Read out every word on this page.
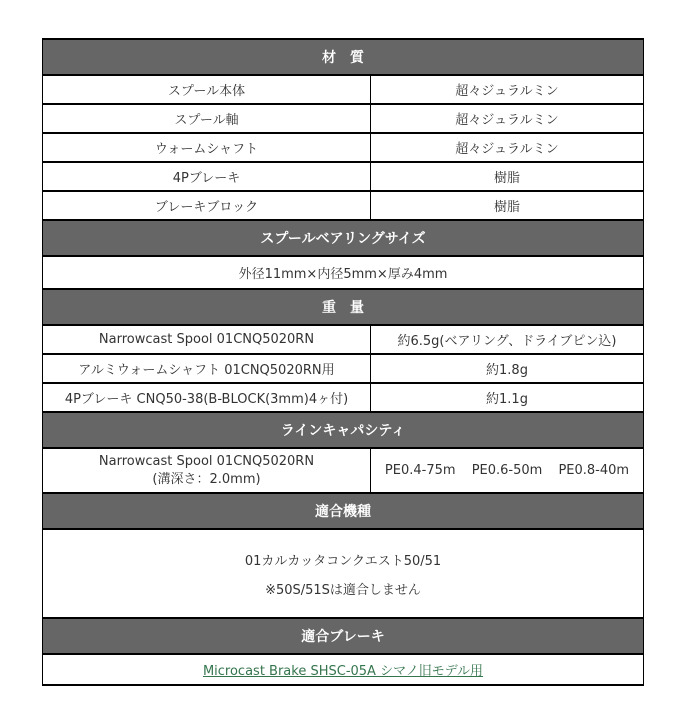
材　質	
スプール本体	超々ジュラルミン
スプール軸	超々ジュラルミン
ウォームシャフト	超々ジュラルミン
4Pブレーキ	樹脂
ブレーキブロック	樹脂
スプールベアリングサイズ	
外径11mm×内径5mm×厚み4mm	
重　量	
Narrowcast Spool 01CNQ5020RN	約6.5g(ベアリング、ドライブピン込)
アルミウォームシャフト 01CNQ5020RN用	約1.8g
4Pブレーキ CNQ50-38(B-BLOCK(3mm)4ヶ付)	約1.1g
ラインキャパシティ	

Narrowcast Spool 01CNQ5020RN
(溝深さ：2.0mm)	PE0.4-75m PE0.6-50m PE0.8-40m
適合機種	

01カルカッタコンクエスト50/51
※50S/51Sは適合しません	

適合ブレーキ	
Microcast Brake SHSC-05A シマノ旧モデル用	
